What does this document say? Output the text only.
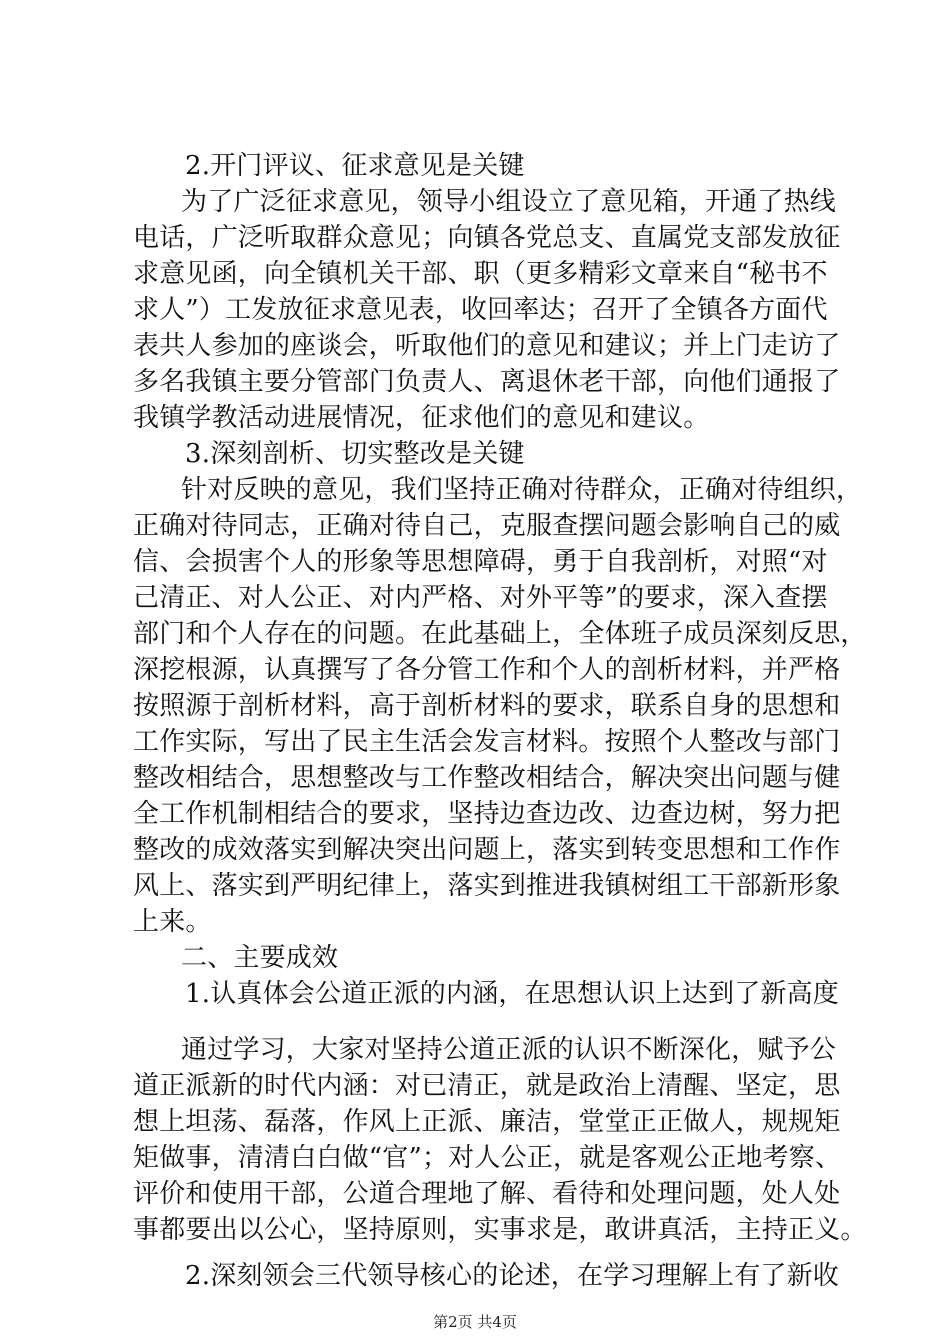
2.开门评议、征求意见是关键
为了广泛征求意见，领导小组设立了意见箱，开通了热线
电话，广泛听取群众意见；向镇各党总支、直属党支部发放征
求意见函，向全镇机关干部、职（更多精彩文章来自“秘书不
求人”）工发放征求意见表，收回率达；召开了全镇各方面代
表共人参加的座谈会，听取他们的意见和建议；并上门走访了
多名我镇主要分管部门负责人、离退休老干部，向他们通报了
我镇学教活动进展情况，征求他们的意见和建议。
3.深刻剖析、切实整改是关键
针对反映的意见，我们坚持正确对待群众，正确对待组织，
正确对待同志，正确对待自己，克服查摆问题会影响自己的威
信、会损害个人的形象等思想障碍，勇于自我剖析，对照“对
己清正、对人公正、对内严格、对外平等”的要求，深入查摆
部门和个人存在的问题。在此基础上，全体班子成员深刻反思，
深挖根源，认真撰写了各分管工作和个人的剖析材料，并严格
按照源于剖析材料，高于剖析材料的要求，联系自身的思想和
工作实际，写出了民主生活会发言材料。按照个人整改与部门
整改相结合，思想整改与工作整改相结合，解决突出问题与健
全工作机制相结合的要求，坚持边查边改、边查边树，努力把
整改的成效落实到解决突出问题上，落实到转变思想和工作作
风上、落实到严明纪律上，落实到推进我镇树组工干部新形象
上来。
二、主要成效
1.认真体会公道正派的内涵，在思想认识上达到了新高度
通过学习，大家对坚持公道正派的认识不断深化，赋予公
道正派新的时代内涵：对已清正，就是政治上清醒、坚定，思
想上坦荡、磊落，作风上正派、廉洁，堂堂正正做人，规规矩
矩做事，清清白白做“官”；对人公正，就是客观公正地考察、
评价和使用干部，公道合理地了解、看待和处理问题，处人处
事都要出以公心，坚持原则，实事求是，敢讲真活，主持正义。
2.深刻领会三代领导核心的论述，在学习理解上有了新收
第2页 共4页
